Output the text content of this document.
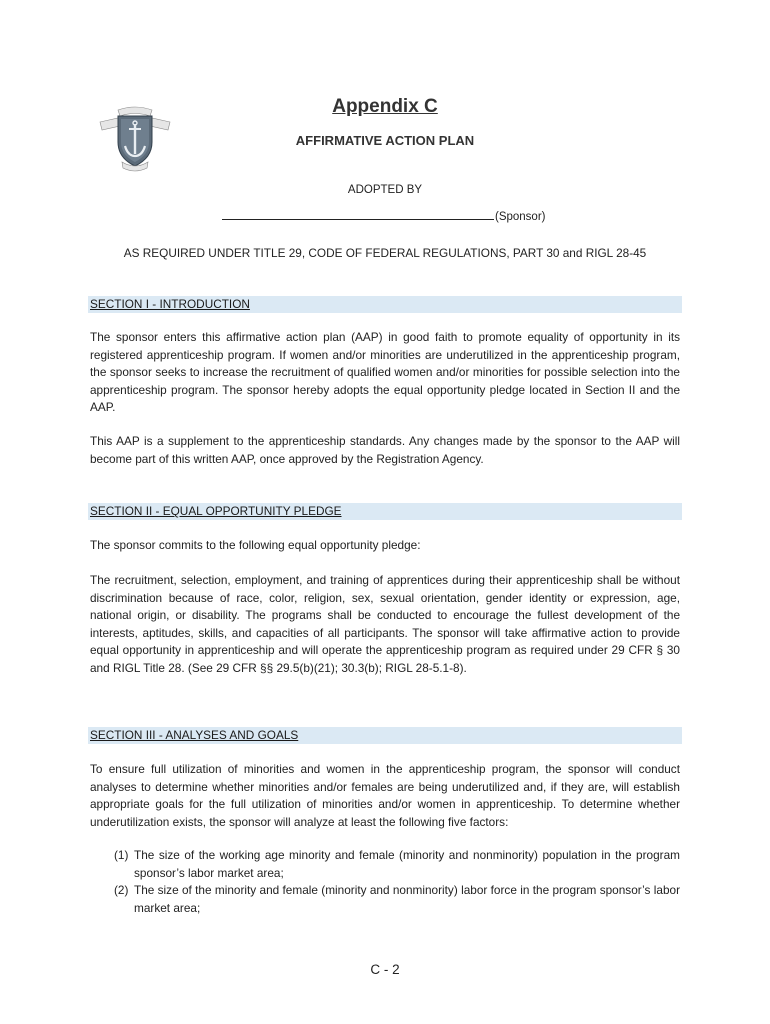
Appendix C
AFFIRMATIVE ACTION PLAN
ADOPTED BY
(Sponsor)
AS REQUIRED UNDER TITLE 29, CODE OF FEDERAL REGULATIONS, PART 30 and RIGL 28-45
SECTION I - INTRODUCTION

The sponsor enters this affirmative action plan (AAP) in good faith to promote equality of opportunity in its registered apprenticeship program. If women and/or minorities are underutilized in the apprenticeship program, the sponsor seeks to increase the recruitment of qualified women and/or minorities for possible selection into the apprenticeship program. The sponsor hereby adopts the equal opportunity pledge located in Section II and the AAP.

This AAP is a supplement to the apprenticeship standards. Any changes made by the sponsor to the AAP will become part of this written AAP, once approved by the Registration Agency.

SECTION II - EQUAL OPPORTUNITY PLEDGE

The sponsor commits to the following equal opportunity pledge:

The recruitment, selection, employment, and training of apprentices during their apprenticeship shall be without discrimination because of race, color, religion, sex, sexual orientation, gender identity or expression, age, national origin, or disability. The programs shall be conducted to encourage the fullest development of the interests, aptitudes, skills, and capacities of all participants. The sponsor will take affirmative action to provide equal opportunity in apprenticeship and will operate the apprenticeship program as required under 29 CFR § 30 and RIGL Title 28. (See 29 CFR §§ 29.5(b)(21); 30.3(b); RIGL 28-5.1-8).

SECTION III - ANALYSES AND GOALS

To ensure full utilization of minorities and women in the apprenticeship program, the sponsor will conduct analyses to determine whether minorities and/or females are being underutilized and, if they are, will establish appropriate goals for the full utilization of minorities and/or women in apprenticeship. To determine whether underutilization exists, the sponsor will analyze at least the following five factors:

(1) The size of the working age minority and female (minority and nonminority) population in the program sponsor’s labor market area;
(2) The size of the minority and female (minority and nonminority) labor force in the program sponsor’s labor market area;
C - 2
